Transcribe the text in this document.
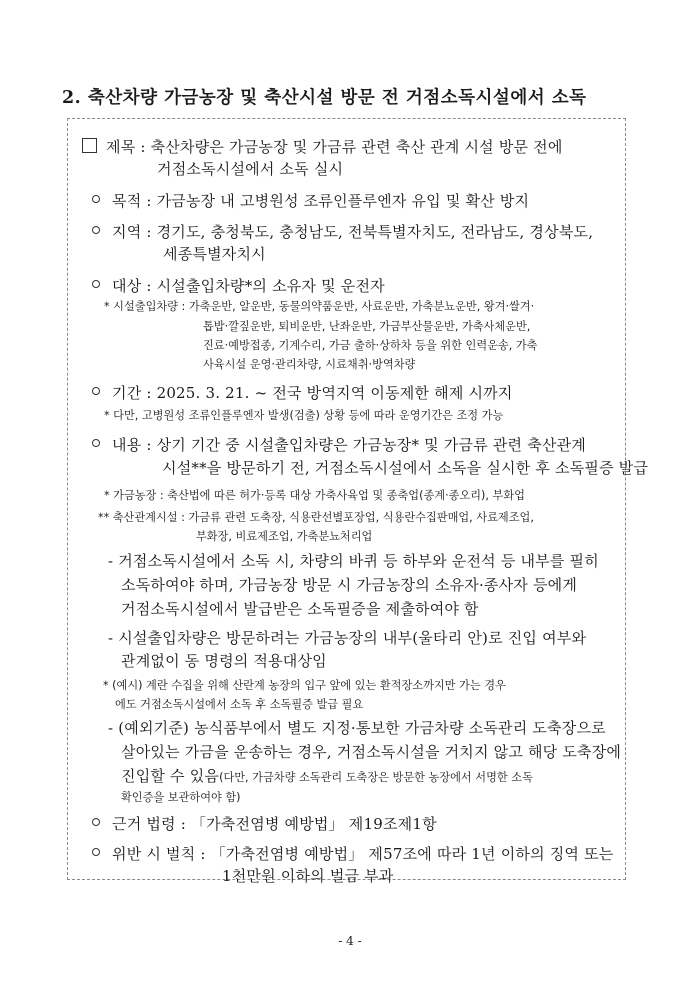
2. 축산차량 가금농장 및 축산시설 방문 전 거점소독시설에서 소독
제목 : 축산차량은 가금농장 및 가금류 관련 축산 관계 시설 방문 전에
거점소독시설에서 소독 실시
목적 : 가금농장 내 고병원성 조류인플루엔자 유입 및 확산 방지
지역 : 경기도, 충청북도, 충청남도, 전북특별자치도, 전라남도, 경상북도,
세종특별자치시
대상 : 시설출입차량*의 소유자 및 운전자
* 시설출입차량 : 가축운반, 알운반, 동물의약품운반, 사료운반, 가축분뇨운반, 왕겨·쌀겨·
톱밥·깔짚운반, 퇴비운반, 난좌운반, 가금부산물운반, 가축사체운반,
진료·예방접종, 기계수리, 가금 출하·상하차 등을 위한 인력운송, 가축
사육시설 운영·관리차량, 시료채취·방역차량
기간 : 2025. 3. 21. ~ 전국 방역지역 이동제한 해제 시까지
* 다만, 고병원성 조류인플루엔자 발생(검출) 상황 등에 따라 운영기간은 조정 가능
내용 : 상기 기간 중 시설출입차량은 가금농장* 및 가금류 관련 축산관계
시설**을 방문하기 전, 거점소독시설에서 소독을 실시한 후 소독필증 발급
* 가금농장 : 축산법에 따른 허가·등록 대상 가축사육업 및 종축업(종계·종오리), 부화업
** 축산관계시설 : 가금류 관련 도축장, 식용란선별포장업, 식용란수집판매업, 사료제조업,
부화장, 비료제조업, 가축분뇨처리업
- 거점소독시설에서 소독 시, 차량의 바퀴 등 하부와 운전석 등 내부를 필히
소독하여야 하며, 가금농장 방문 시 가금농장의 소유자·종사자 등에게
거점소독시설에서 발급받은 소독필증을 제출하여야 함
- 시설출입차량은 방문하려는 가금농장의 내부(울타리 안)로 진입 여부와
관계없이 동 명령의 적용대상임
* (예시) 계란 수집을 위해 산란계 농장의 입구 앞에 있는 환적장소까지만 가는 경우
에도 거점소독시설에서 소독 후 소독필증 발급 필요
- (예외기준) 농식품부에서 별도 지정·통보한 가금차량 소독관리 도축장으로
살아있는 가금을 운송하는 경우, 거점소독시설을 거치지 않고 해당 도축장에
진입할 수 있음(다만, 가금차량 소독관리 도축장은 방문한 농장에서 서명한 소독
확인증을 보관하여야 함)
근거 법령 : 「가축전염병 예방법」 제19조제1항
위반 시 벌칙 : 「가축전염병 예방법」 제57조에 따라 1년 이하의 징역 또는
1천만원 이하의 벌금 부과
- 4 -
